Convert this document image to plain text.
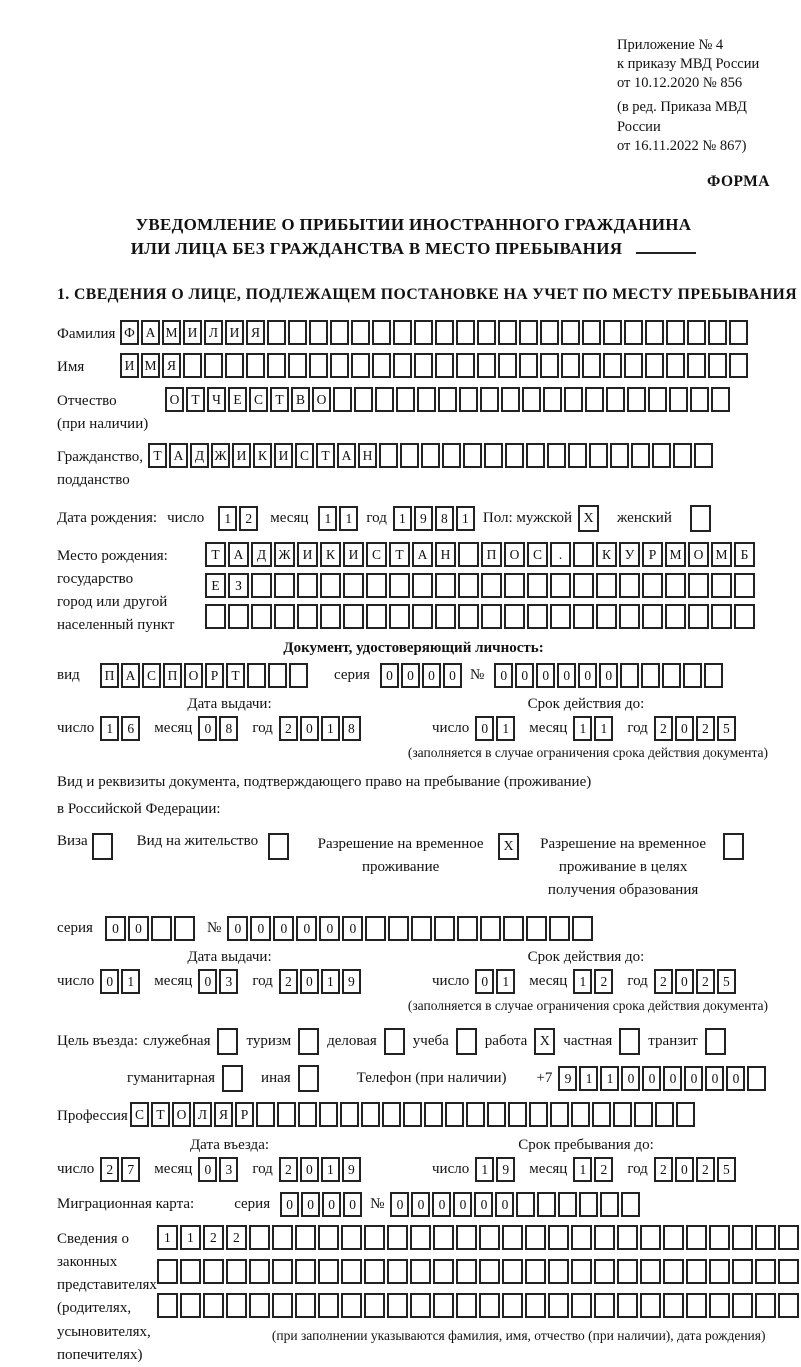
Приложение № 4
к приказу МВД России
от 10.12.2020 № 856
(в ред. Приказа МВД России
от 16.11.2022 № 867)
ФОРМА
УВЕДОМЛЕНИЕ О ПРИБЫТИИ ИНОСТРАННОГО ГРАЖДАНИНА
ИЛИ ЛИЦА БЕЗ ГРАЖДАНСТВА В МЕСТО ПРЕБЫВАНИЯ
1. СВЕДЕНИЯ О ЛИЦЕ, ПОДЛЕЖАЩЕМ ПОСТАНОВКЕ НА УЧЕТ ПО МЕСТУ ПРЕБЫВАНИЯ
Фамилия Ф А М И Л И Я
Имя	И М Я
Отчество
(при наличии)
О Т Ч Е С Т В О
Гражданство,
подданство
Т А Д Ж И К И С Т А Н
Дата рождения: число	1 2	месяц	1 1 год 1 9 8 1 Пол: мужской X	женский
Место рождения:
государство
город или другой
населенный пункт
Т А Д Ж И К И С Т А Н	П О С .	К У Р М О М Б
Е З
Документ, удостоверяющий личность:
вид	П А С П О Р Т	серия	0 0 0 0 №	0 0 0 0 0 0
Дата выдачи:	Срок действия до:
число 1 6	месяц 0 8	год 2 0 1 8	число 0 1	месяц 1 1	год 2 0 2 5
(заполняется в случае ограничения срока действия документа)
Вид и реквизиты документа, подтверждающего право на пребывание (проживание)
в Российской Федерации:
Виза	Вид на жительство	Разрешение на временное проживание
X	Разрешение на временное проживание в целях получения образования
серия	0 0	№ 0 0 0 0 0 0
Дата выдачи:	Срок действия до:
число 0 1	месяц 0 3	год 2 0 1 9	число 0 1	месяц 1 2	год 2 0 2 5
(заполняется в случае ограничения срока действия документа)
Цель въезда: служебная туризм деловая учеба работа X частная транзит
гуманитарная	иная	Телефон (при наличии) +7 9 1 1 0 0 0 0 0 0
Профессия С Т О Л Я Р
Дата въезда:	Срок пребывания до:
число 2 7	месяц 0 3	год 2 0 1 9	число 1 9	месяц 1 2	год 2 0 2 5
Миграционная карта:	серия	0 0 0 0 № 0 0 0 0 0 0
Сведения о
законных
представителях
(родителях,
усыновителях,
попечителях)
1 1 2 2
(при заполнении указываются фамилия, имя, отчество (при наличии), дата рождения)
